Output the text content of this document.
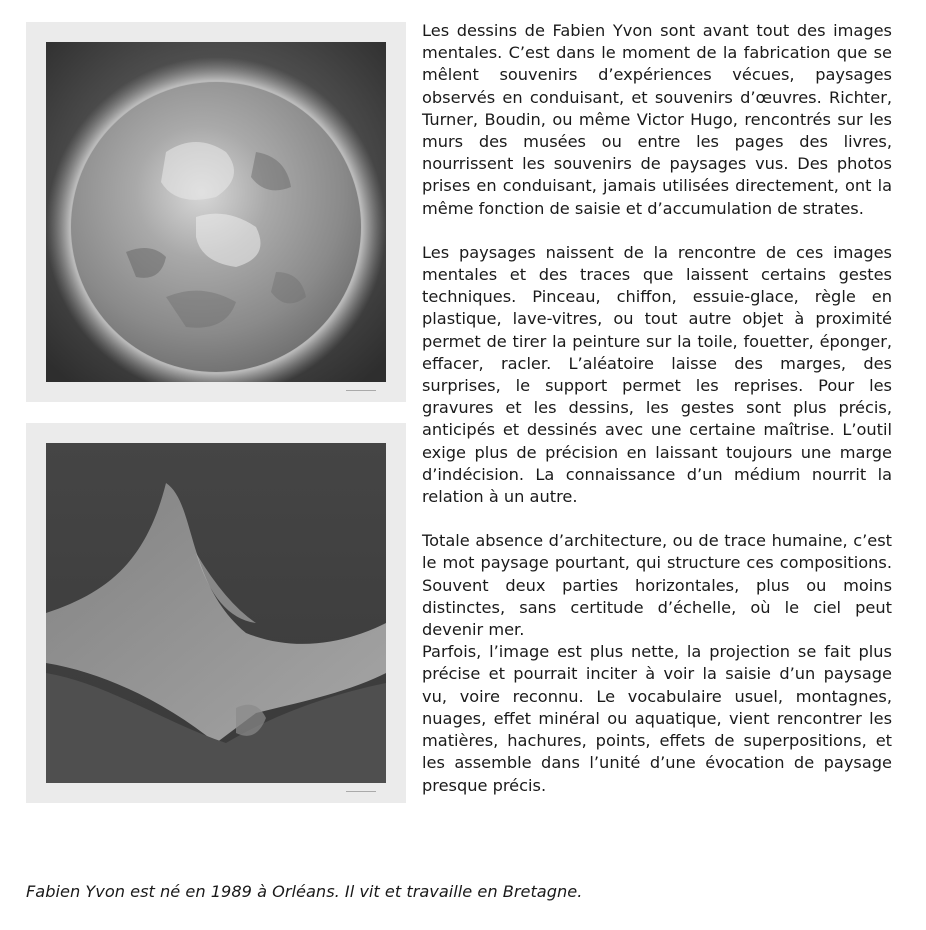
Les dessins de Fabien Yvon sont avant tout des images mentales. C’est dans le moment de la fabrication que se mêlent souvenirs d’expériences vécues, paysages observés en conduisant, et souvenirs d’œuvres. Richter, Turner, Boudin, ou même Victor Hugo, rencontrés sur les murs des musées ou entre les pages des livres, nourrissent les souvenirs de paysages vus. Des photos prises en conduisant, jamais utilisées directement, ont la même fonction de saisie et d’accumulation de strates.

Les paysages naissent de la rencontre de ces images mentales et des traces que laissent certains gestes techniques. Pinceau, chiffon, essuie-glace, règle en plastique, lave-vitres, ou tout autre objet à proximité permet de tirer la peinture sur la toile, fouetter, éponger, effacer, racler. L’aléatoire laisse des marges, des surprises, le support permet les reprises. Pour les gravures et les dessins, les gestes sont plus précis, anticipés et dessinés avec une certaine maîtrise. L’outil exige plus de précision en laissant toujours une marge d’indécision. La connaissance d’un médium nourrit la relation à un autre.

Totale absence d’architecture, ou de trace humaine, c’est le mot paysage pourtant, qui structure ces compositions. Souvent deux parties horizontales, plus ou moins distinctes, sans certitude d’échelle, où le ciel peut devenir mer.

Parfois, l’image est plus nette, la projection se fait plus précise et pourrait inciter à voir la saisie d’un paysage vu, voire reconnu. Le vocabulaire usuel, montagnes, nuages, effet minéral ou aquatique, vient rencontrer les matières, hachures, points, effets de superpositions, et les assemble dans l’unité d’une évocation de paysage presque précis.

Fabien Yvon est né en 1989 à Orléans. Il vit et travaille en Bretagne.
